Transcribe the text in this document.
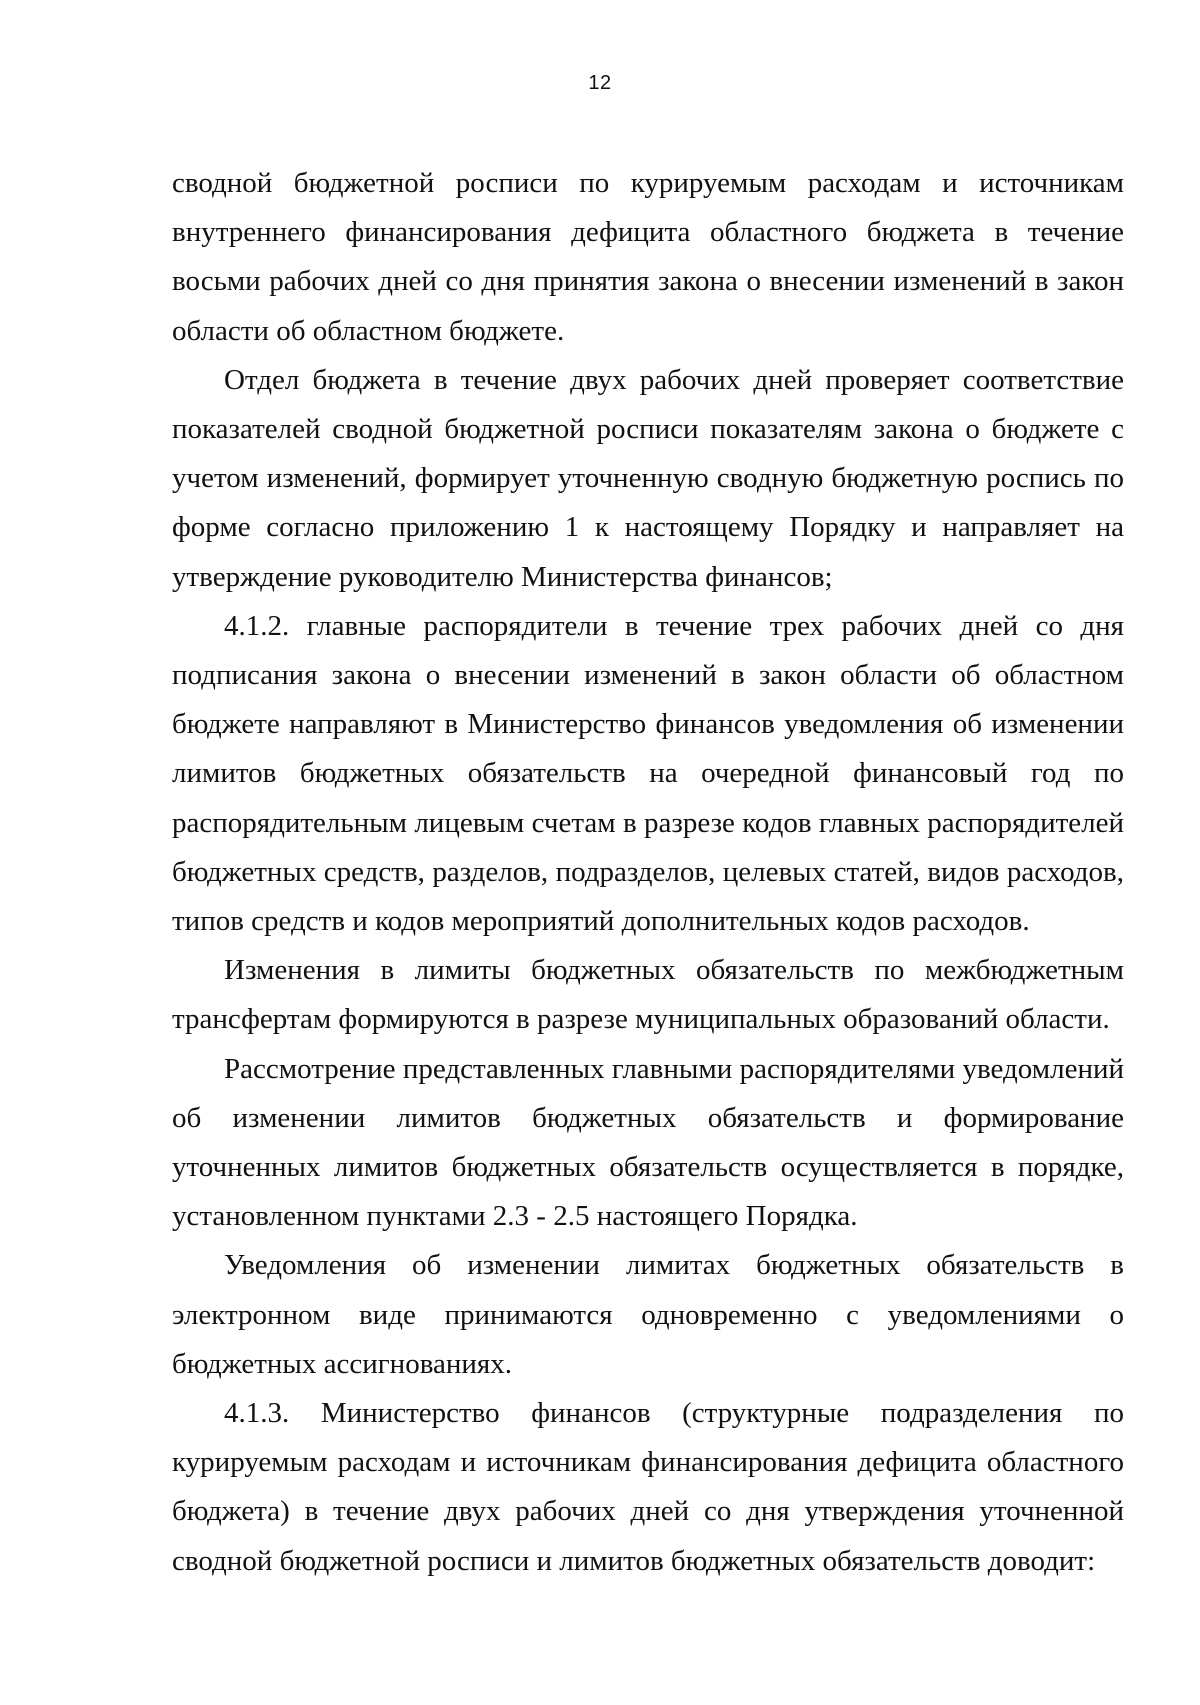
12

сводной бюджетной росписи по курируемым расходам и источникам внутреннего финансирования дефицита областного бюджета в течение восьми рабочих дней со дня принятия закона о внесении изменений в закон области об областном бюджете.

Отдел бюджета в течение двух рабочих дней проверяет соответствие показателей сводной бюджетной росписи показателям закона о бюджете с учетом изменений, формирует уточненную сводную бюджетную роспись по форме согласно приложению 1 к настоящему Порядку и направляет на утверждение руководителю Министерства финансов;

4.1.2. главные распорядители в течение трех рабочих дней со дня подписания закона о внесении изменений в закон области об областном бюджете направляют в Министерство финансов уведомления об изменении лимитов бюджетных обязательств на очередной финансовый год по распорядительным лицевым счетам в разрезе кодов главных распорядителей бюджетных средств, разделов, подразделов, целевых статей, видов расходов, типов средств и кодов мероприятий дополнительных кодов расходов.

Изменения в лимиты бюджетных обязательств по межбюджетным трансфертам формируются в разрезе муниципальных образований области.

Рассмотрение представленных главными распорядителями уведомлений об изменении лимитов бюджетных обязательств и формирование уточненных лимитов бюджетных обязательств осуществляется в порядке, установленном пунктами 2.3 - 2.5 настоящего Порядка.

Уведомления об изменении лимитах бюджетных обязательств в электронном виде принимаются одновременно с уведомлениями о бюджетных ассигнованиях.

4.1.3. Министерство финансов (структурные подразделения по курируемым расходам и источникам финансирования дефицита областного бюджета) в течение двух рабочих дней со дня утверждения уточненной сводной бюджетной росписи и лимитов бюджетных обязательств доводит:
